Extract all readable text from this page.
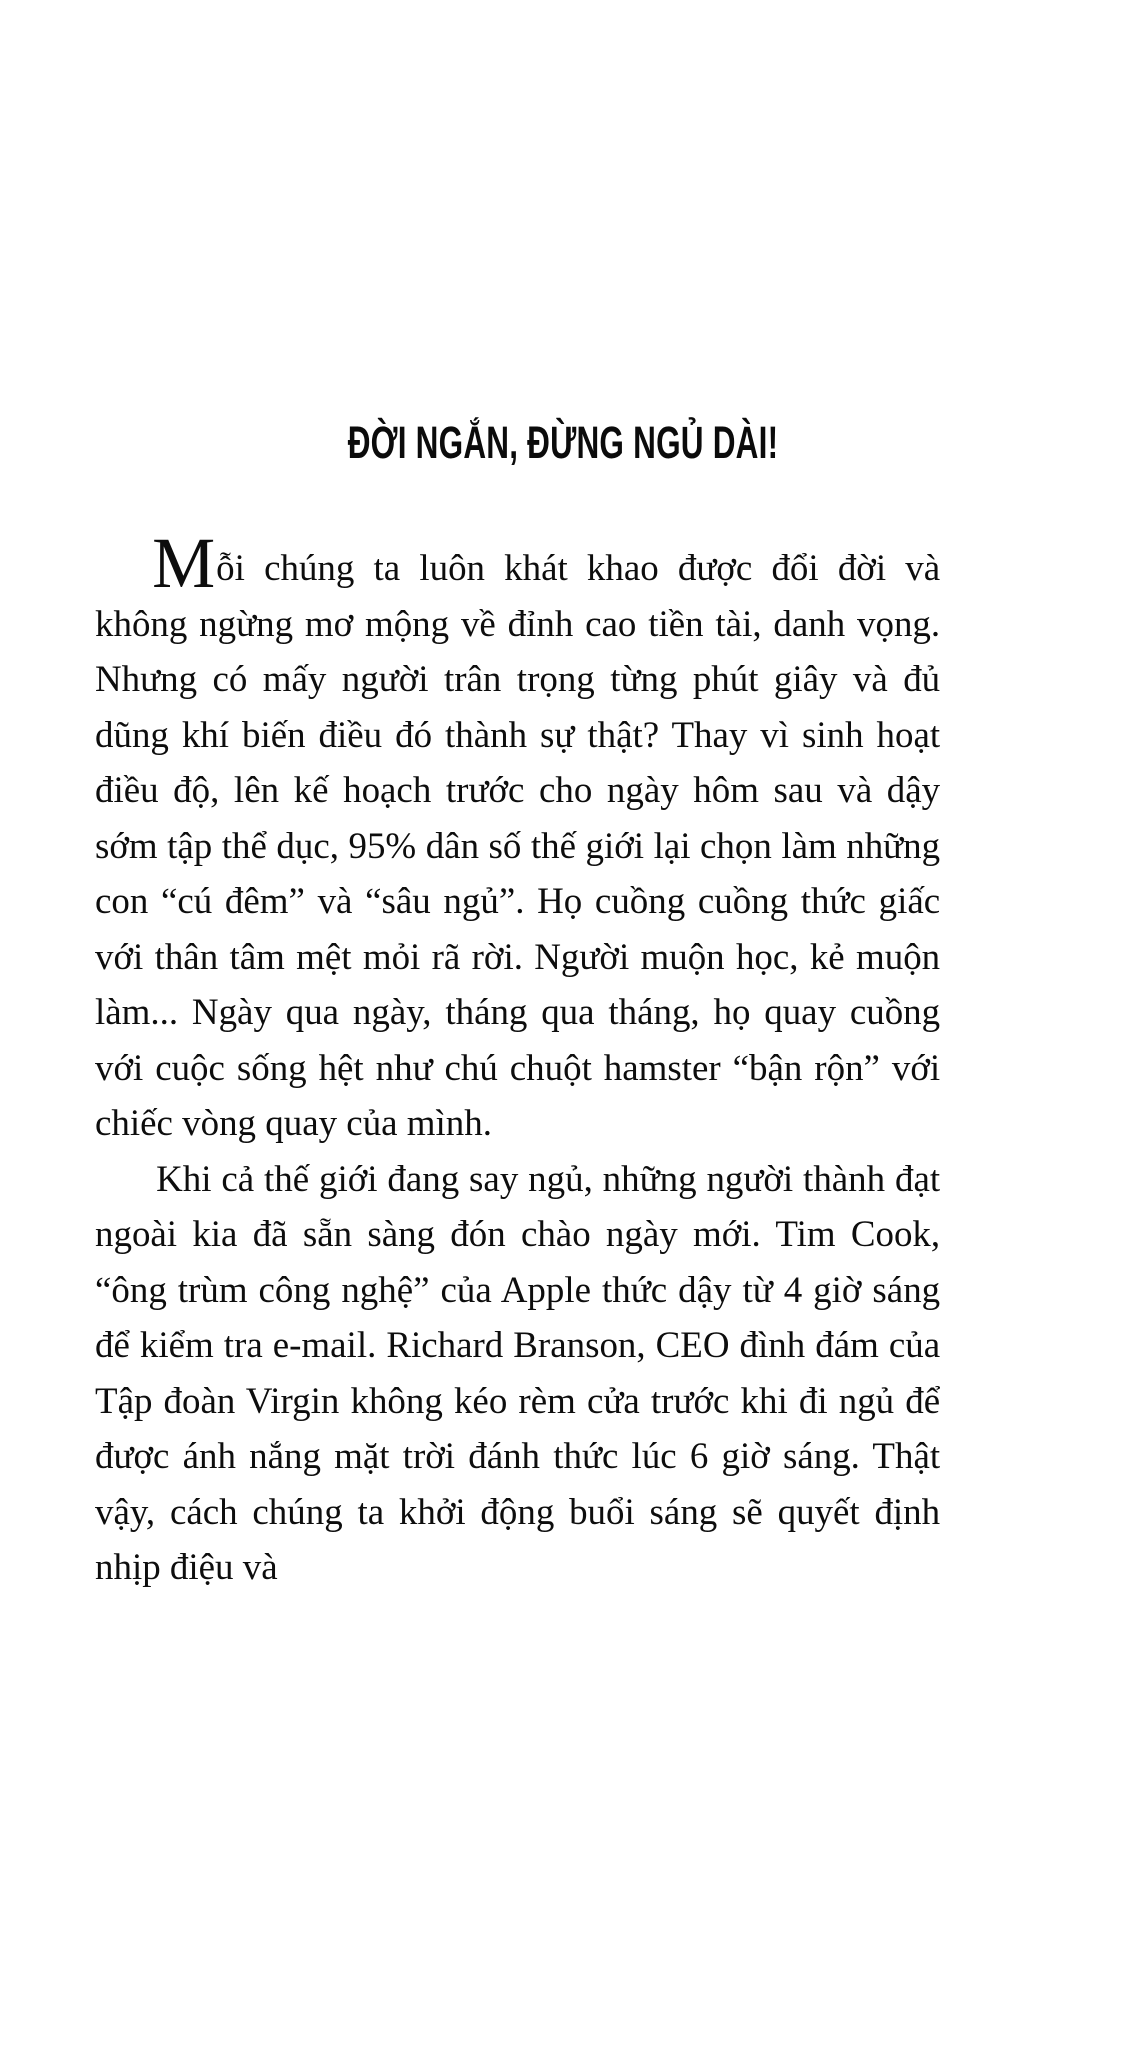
ĐỜI NGẮN, ĐỪNG NGỦ DÀI!

Mỗi chúng ta luôn khát khao được đổi đời và không ngừng mơ mộng về đỉnh cao tiền tài, danh vọng. Nhưng có mấy người trân trọng từng phút giây và đủ dũng khí biến điều đó thành sự thật? Thay vì sinh hoạt điều độ, lên kế hoạch trước cho ngày hôm sau và dậy sớm tập thể dục, 95% dân số thế giới lại chọn làm những con “cú đêm” và “sâu ngủ”. Họ cuồng cuồng thức giấc với thân tâm mệt mỏi rã rời. Người muộn học, kẻ muộn làm... Ngày qua ngày, tháng qua tháng, họ quay cuồng với cuộc sống hệt như chú chuột hamster “bận rộn” với chiếc vòng quay của mình.

Khi cả thế giới đang say ngủ, những người thành đạt ngoài kia đã sẵn sàng đón chào ngày mới. Tim Cook, “ông trùm công nghệ” của Apple thức dậy từ 4 giờ sáng để kiểm tra e-mail. Richard Branson, CEO đình đám của Tập đoàn Virgin không kéo rèm cửa trước khi đi ngủ để được ánh nắng mặt trời đánh thức lúc 6 giờ sáng. Thật vậy, cách chúng ta khởi động buổi sáng sẽ quyết định nhịp điệu và
